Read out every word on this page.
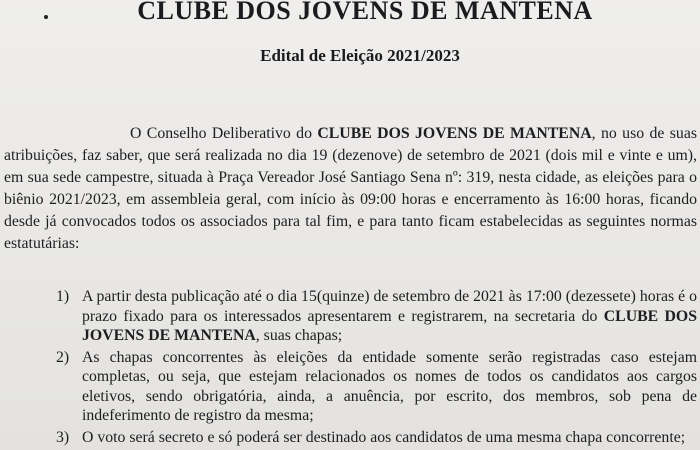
CLUBE DOS JOVENS DE MANTENA
Edital de Eleição 2021/2023

O Conselho Deliberativo do CLUBE DOS JOVENS DE MANTENA, no uso de suas atribuições, faz saber, que será realizada no dia 19 (dezenove) de setembro de 2021 (dois mil e vinte e um), em sua sede campestre, situada à Praça Vereador José Santiago Sena nº: 319, nesta cidade, as eleições para o biênio 2021/2023, em assembleia geral, com início às 09:00 horas e encerramento às 16:00 horas, ficando desde já convocados todos os associados para tal fim, e para tanto ficam estabelecidas as seguintes normas estatutárias:

1) A partir desta publicação até o dia 15(quinze) de setembro de 2021 às 17:00 (dezessete) horas é o prazo fixado para os interessados apresentarem e registrarem, na secretaria do CLUBE DOS JOVENS DE MANTENA, suas chapas;
2) As chapas concorrentes às eleições da entidade somente serão registradas caso estejam completas, ou seja, que estejam relacionados os nomes de todos os candidatos aos cargos eletivos, sendo obrigatória, ainda, a anuência, por escrito, dos membros, sob pena de indeferimento de registro da mesma;
3) O voto será secreto e só poderá ser destinado aos candidatos de uma mesma chapa concorrente;
